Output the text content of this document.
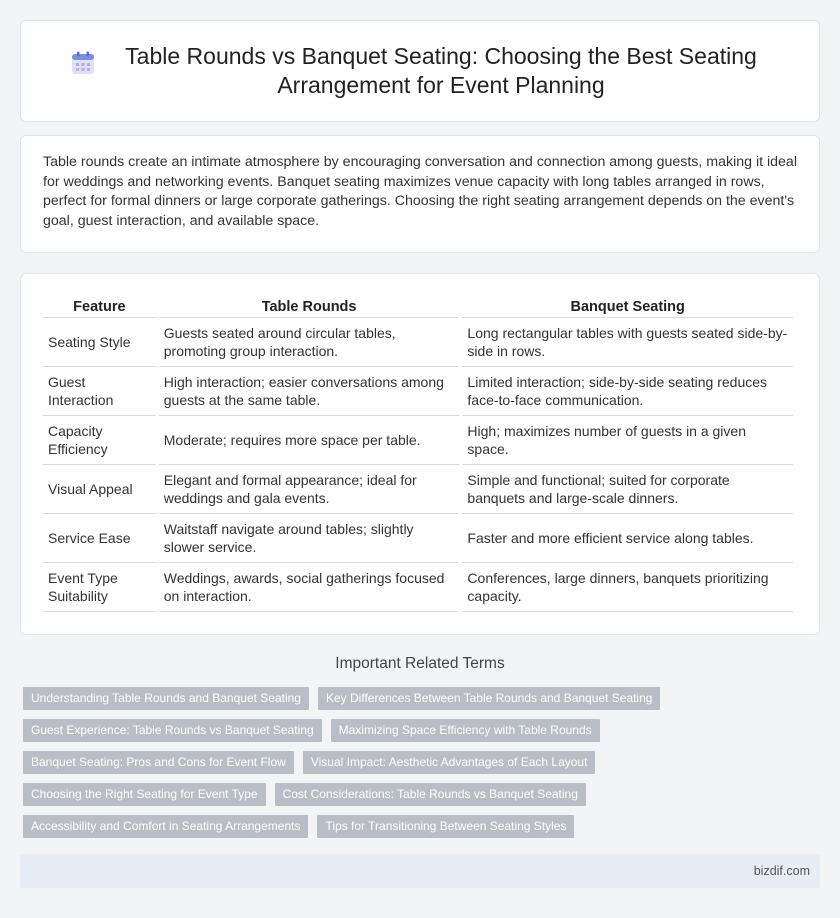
Table Rounds vs Banquet Seating: Choosing the Best Seating Arrangement for Event Planning

Table rounds create an intimate atmosphere by encouraging conversation and connection among guests, making it ideal for weddings and networking events. Banquet seating maximizes venue capacity with long tables arranged in rows, perfect for formal dinners or large corporate gatherings. Choosing the right seating arrangement depends on the event's goal, guest interaction, and available space.

Feature	Table Rounds	Banquet Seating
Seating Style	Guests seated around circular tables, promoting group interaction.	Long rectangular tables with guests seated side-by-side in rows.
Guest Interaction	High interaction; easier conversations among guests at the same table.	Limited interaction; side-by-side seating reduces face-to-face communication.
Capacity Efficiency	Moderate; requires more space per table.	High; maximizes number of guests in a given space.
Visual Appeal	Elegant and formal appearance; ideal for weddings and gala events.	Simple and functional; suited for corporate banquets and large-scale dinners.
Service Ease	Waitstaff navigate around tables; slightly slower service.	Faster and more efficient service along tables.
Event Type Suitability	Weddings, awards, social gatherings focused on interaction.	Conferences, large dinners, banquets prioritizing capacity.
Important Related Terms
Understanding Table Rounds and Banquet Seating	Key Differences Between Table Rounds and Banquet Seating
Guest Experience: Table Rounds vs Banquet Seating	Maximizing Space Efficiency with Table Rounds
Banquet Seating: Pros and Cons for Event Flow	Visual Impact: Aesthetic Advantages of Each Layout
Choosing the Right Seating for Event Type	Cost Considerations: Table Rounds vs Banquet Seating
Accessibility and Comfort in Seating Arrangements	Tips for Transitioning Between Seating Styles
bizdif.com
